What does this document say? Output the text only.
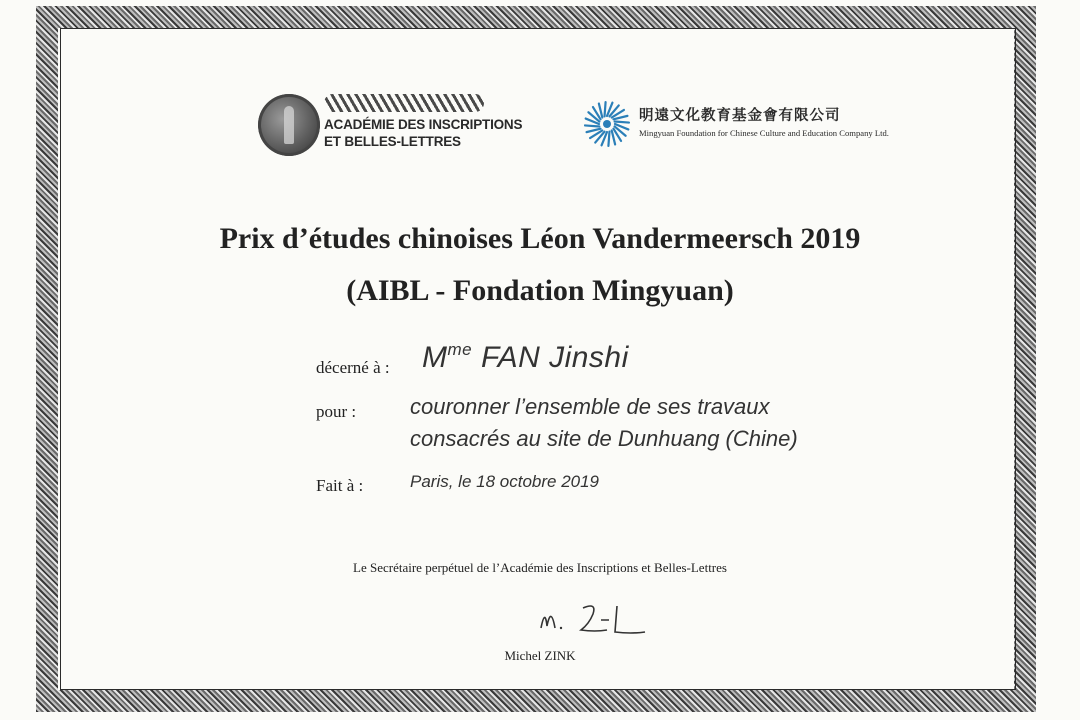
ACADÉMIE DES INSCRIPTIONS
ET BELLES-LETTRES
明遠文化教育基金會有限公司
Mingyuan Foundation for Chinese Culture and Education Company Ltd.
Prix d’études chinoises Léon Vandermeersch 2019
(AIBL - Fondation Mingyuan)
décerné à : $M^{me}$ FAN Jinshi
pour : couronner l’ensemble de ses travaux
consacrés au site de Dunhuang (Chine)
Fait à :	Paris, le 18 octobre 2019
Le Secrétaire perpétuel de l’Académie des Inscriptions et Belles-Lettres
Michel ZINK
